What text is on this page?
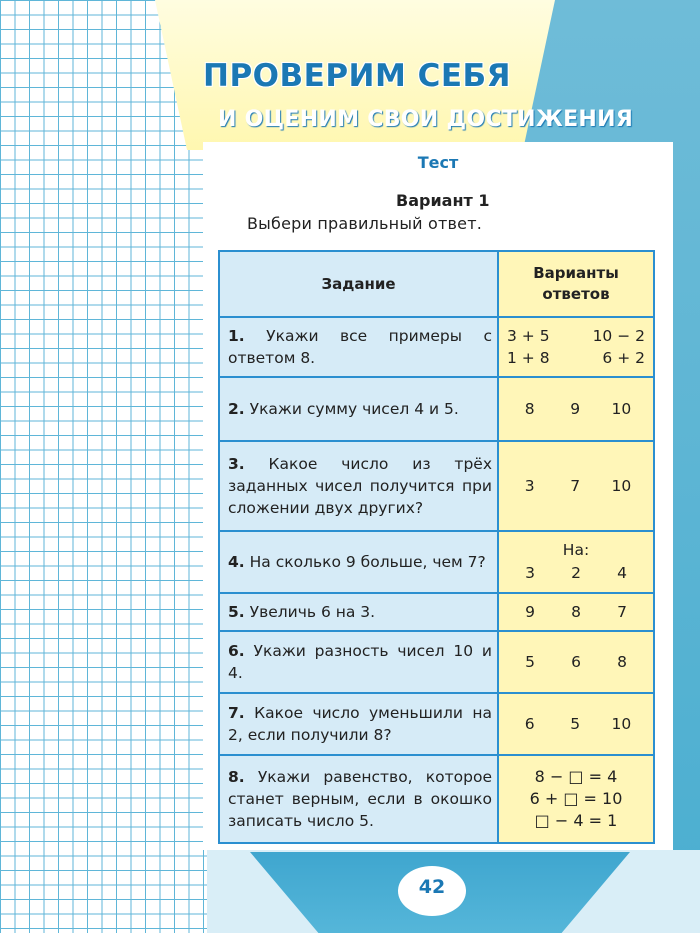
ПРОВЕРИМ СЕБЯ
И ОЦЕНИМ СВОИ ДОСТИЖЕНИЯ
Тест
Вариант 1
Выбери правильный ответ.
Задание	Варианты ответов

1. Укажи все примеры с ответом 8.	3 + 5 10 − 2
1 + 8 6 + 2

2. Укажи сумму чисел 4 и 5.	8 9 10

3. Какое число из трёх заданных чисел получится при сложении двух других?	3 7 10

4. На сколько 9 больше, чем 7?	На:
3 2 4

5. Увеличь 6 на 3.	9 8 7

6. Укажи разность чисел 10 и 4.	5 6 8

7. Какое число уменьшили на 2, если получили 8?	6 5 10

8. Укажи равенство, которое станет верным, если в окошко записать число 5.	8 − □ = 4
6 + □ = 10
□ − 4 = 1
42
